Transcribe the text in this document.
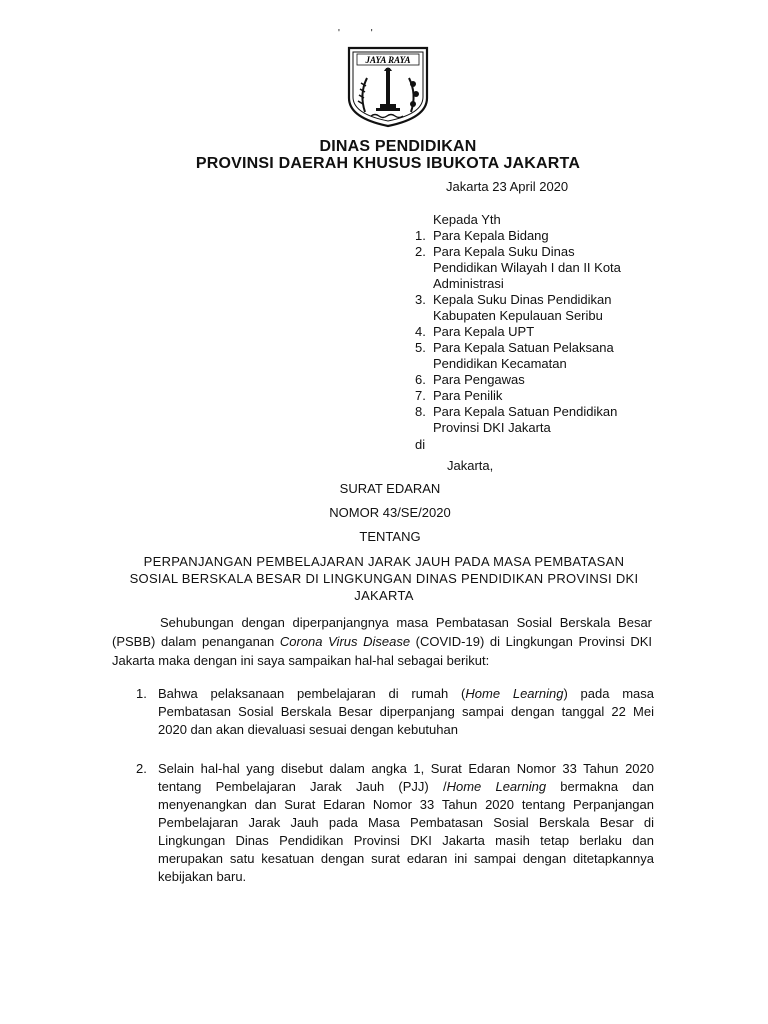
' '
JAYA RAYA
DINAS PENDIDIKAN
PROVINSI DAERAH KHUSUS IBUKOTA JAKARTA
Jakarta 23 April 2020
Kepada Yth
1. Para Kepala Bidang
2. Para Kepala Suku Dinas
Pendidikan Wilayah I dan II Kota
Administrasi
3. Kepala Suku Dinas Pendidikan
Kabupaten Kepulauan Seribu
4. Para Kepala UPT
5. Para Kepala Satuan Pelaksana
Pendidikan Kecamatan
6. Para Pengawas
7. Para Penilik
8. Para Kepala Satuan Pendidikan
Provinsi DKI Jakarta
di
Jakarta,
SURAT EDARAN
NOMOR 43/SE/2020
TENTANG
PERPANJANGAN PEMBELAJARAN JARAK JAUH PADA MASA PEMBATASAN
SOSIAL BERSKALA BESAR DI LINGKUNGAN DINAS PENDIDIKAN PROVINSI DKI
JAKARTA
Sehubungan dengan diperpanjangnya masa Pembatasan Sosial Berskala Besar (PSBB) dalam penanganan Corona Virus Disease (COVID-19) di Lingkungan Provinsi DKI Jakarta maka dengan ini saya sampaikan hal-hal sebagai berikut:
1. Bahwa pelaksanaan pembelajaran di rumah (Home Learning) pada masa Pembatasan Sosial Berskala Besar diperpanjang sampai dengan tanggal 22 Mei 2020 dan akan dievaluasi sesuai dengan kebutuhan
2. Selain hal-hal yang disebut dalam angka 1, Surat Edaran Nomor 33 Tahun 2020 tentang Pembelajaran Jarak Jauh (PJJ) /Home Learning bermakna dan menyenangkan dan Surat Edaran Nomor 33 Tahun 2020 tentang Perpanjangan Pembelajaran Jarak Jauh pada Masa Pembatasan Sosial Berskala Besar di Lingkungan Dinas Pendidikan Provinsi DKI Jakarta masih tetap berlaku dan merupakan satu kesatuan dengan surat edaran ini sampai dengan ditetapkannya kebijakan baru.
